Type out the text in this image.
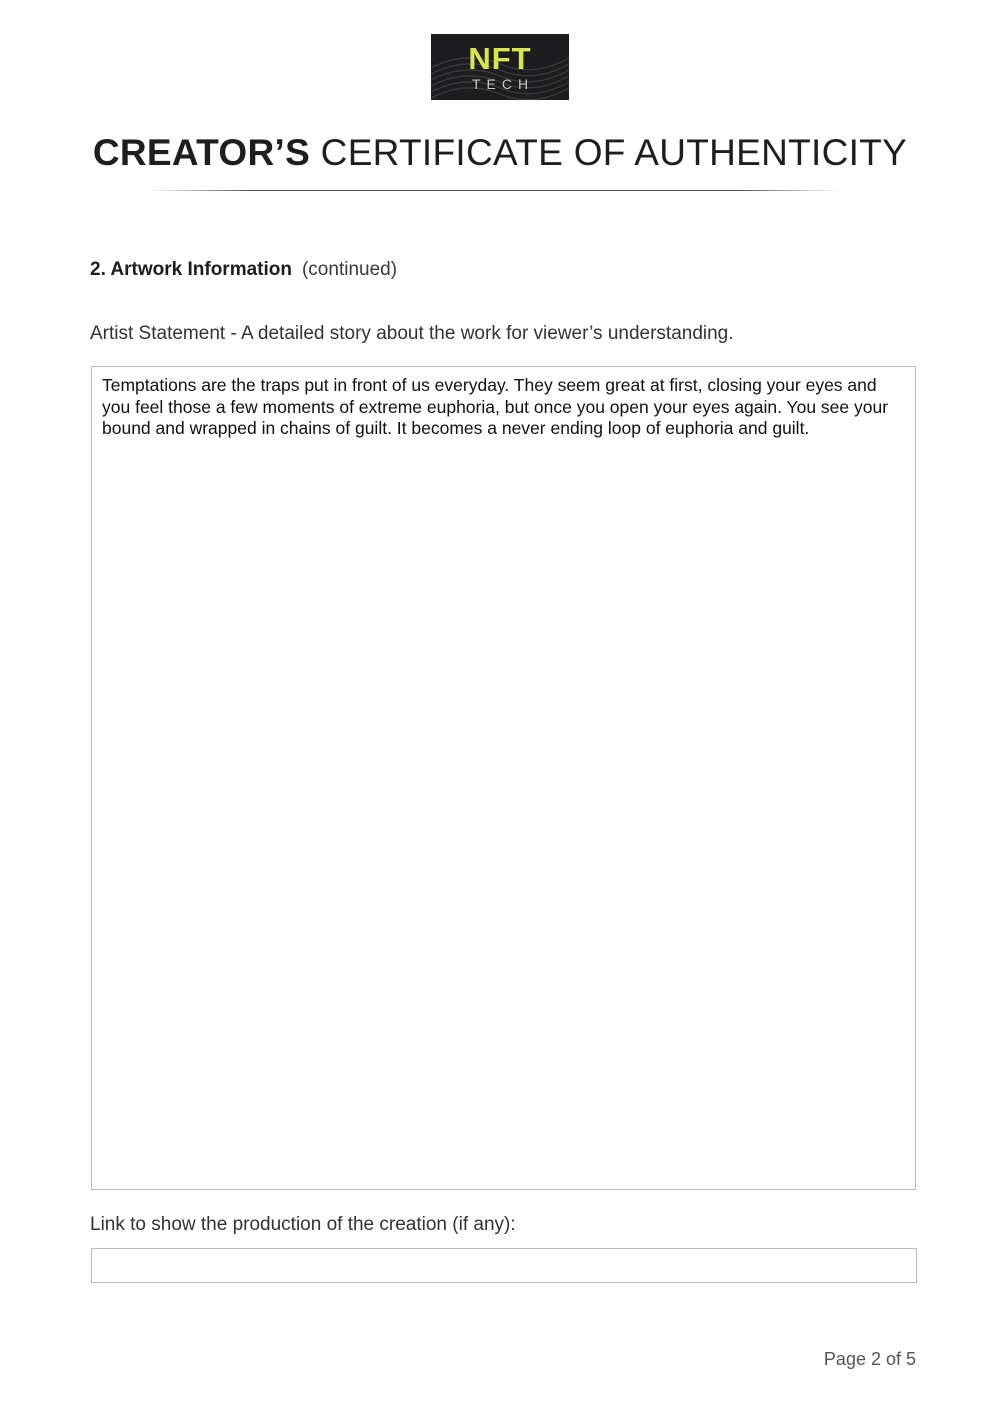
NFT
TECH
CREATOR’S CERTIFICATE OF AUTHENTICITY
2. Artwork Information (continued)
Artist Statement - A detailed story about the work for viewer’s understanding.
Temptations are the traps put in front of us everyday. They seem great at first, closing your eyes and you feel those a few moments of extreme euphoria, but once you open your eyes again. You see your bound and wrapped in chains of guilt. It becomes a never ending loop of euphoria and guilt.
Link to show the production of the creation (if any):
Page 2 of 5
